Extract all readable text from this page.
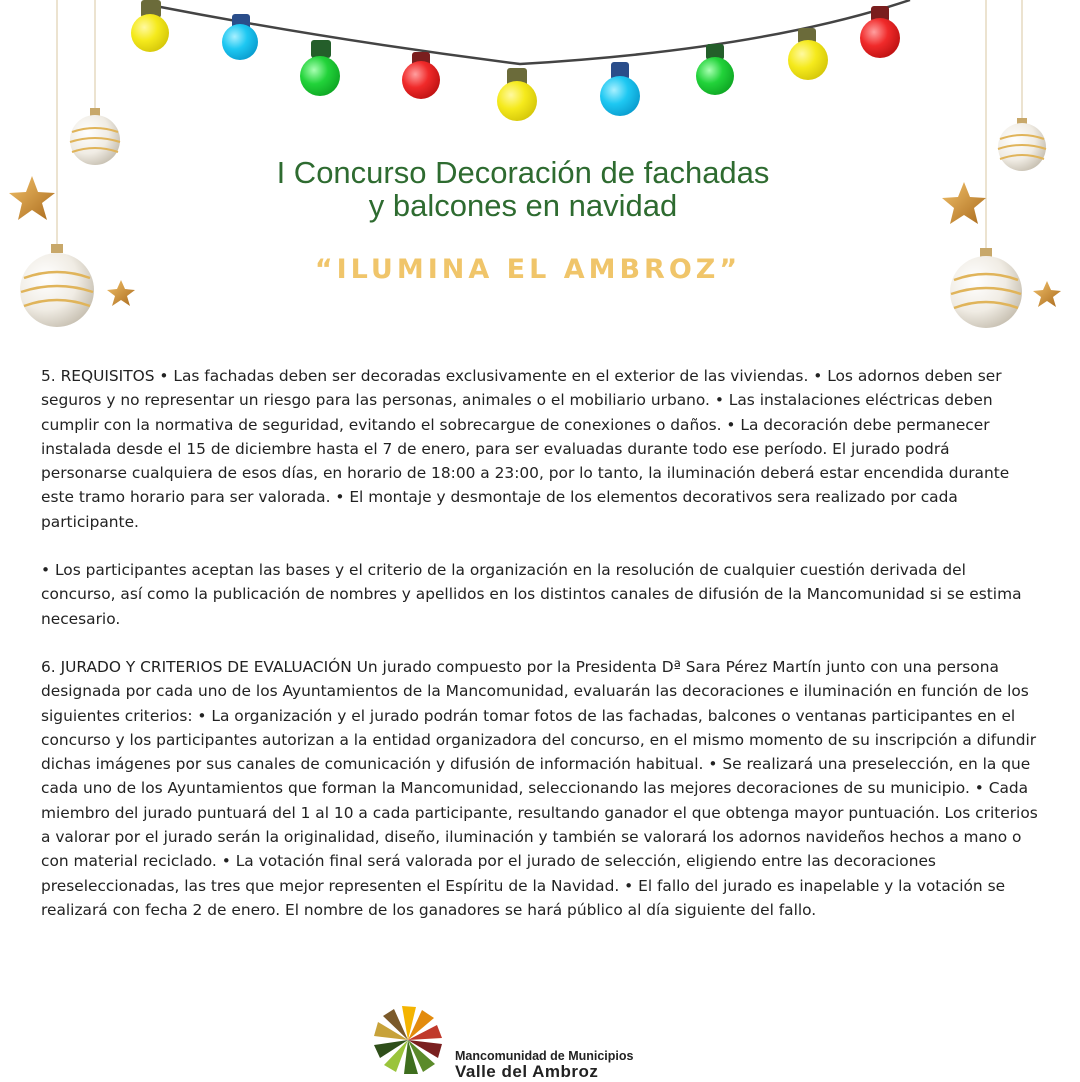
I Concurso Decoración de fachadas
y balcones en navidad
“ILUMINA EL AMBROZ”

5. REQUISITOS • Las fachadas deben ser decoradas exclusivamente en el exterior de las viviendas. • Los adornos deben ser seguros y no representar un riesgo para las personas, animales o el mobiliario urbano. • Las instalaciones eléctricas deben cumplir con la normativa de seguridad, evitando el sobrecargue de conexiones o daños. • La decoración debe permanecer instalada desde el 15 de diciembre hasta el 7 de enero, para ser evaluadas durante todo ese período. El jurado podrá personarse cualquiera de esos días, en horario de 18:00 a 23:00, por lo tanto, la iluminación deberá estar encendida durante este tramo horario para ser valorada. • El montaje y desmontaje de los elementos decorativos sera realizado por cada participante.

• Los participantes aceptan las bases y el criterio de la organización en la resolución de cualquier cuestión derivada del concurso, así como la publicación de nombres y apellidos en los distintos canales de difusión de la Mancomunidad si se estima necesario.

6. JURADO Y CRITERIOS DE EVALUACIÓN Un jurado compuesto por la Presidenta Dª Sara Pérez Martín junto con una persona designada por cada uno de los Ayuntamientos de la Mancomunidad, evaluarán las decoraciones e iluminación en función de los siguientes criterios: • La organización y el jurado podrán tomar fotos de las fachadas, balcones o ventanas participantes en el concurso y los participantes autorizan a la entidad organizadora del concurso, en el mismo momento de su inscripción a difundir dichas imágenes por sus canales de comunicación y difusión de información habitual. • Se realizará una preselección, en la que cada uno de los Ayuntamientos que forman la Mancomunidad, seleccionando las mejores decoraciones de su municipio. • Cada miembro del jurado puntuará del 1 al 10 a cada participante, resultando ganador el que obtenga mayor puntuación. Los criterios a valorar por el jurado serán la originalidad, diseño, iluminación y también se valorará los adornos navideños hechos a mano o con material reciclado. • La votación final será valorada por el jurado de selección, eligiendo entre las decoraciones preseleccionadas, las tres que mejor representen el Espíritu de la Navidad. • El fallo del jurado es inapelable y la votación se realizará con fecha 2 de enero. El nombre de los ganadores se hará público al día siguiente del fallo.

Mancomunidad de Municipios
Valle del Ambroz
